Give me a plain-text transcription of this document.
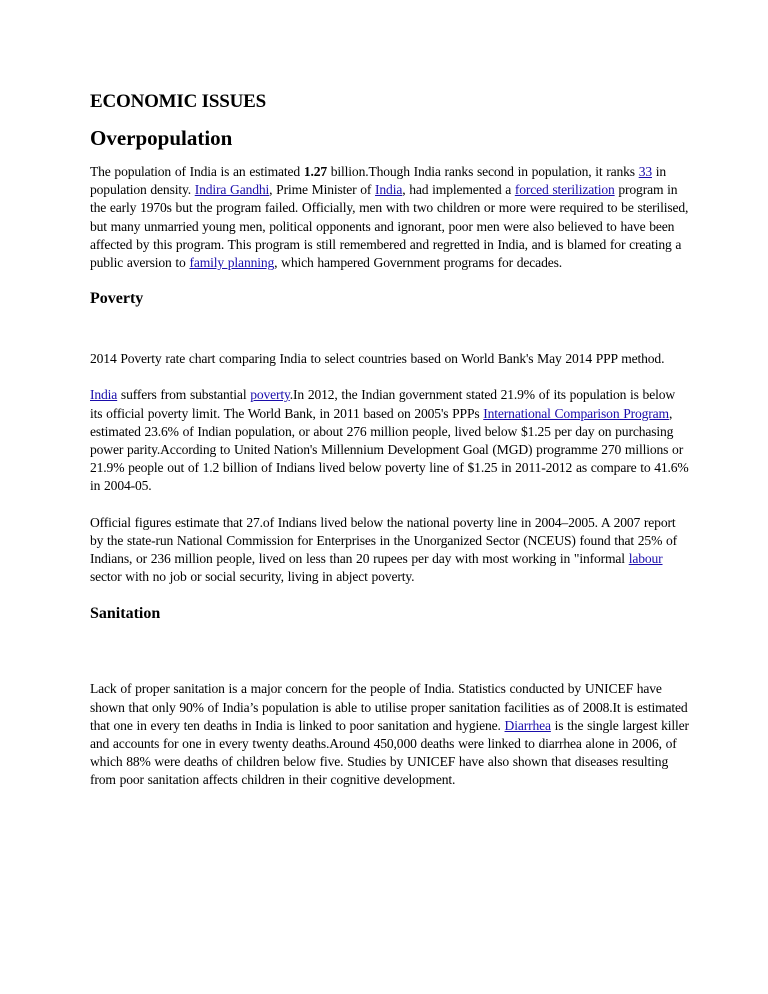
ECONOMIC ISSUES
Overpopulation

The population of India is an estimated 1.27 billion.Though India ranks second in population, it ranks 33 in population density. Indira Gandhi, Prime Minister of India, had implemented a forced sterilization program in the early 1970s but the program failed. Officially, men with two children or more were required to be sterilised, but many unmarried young men, political opponents and ignorant, poor men were also believed to have been affected by this program. This program is still remembered and regretted in India, and is blamed for creating a public aversion to family planning, which hampered Government programs for decades.

Poverty

2014 Poverty rate chart comparing India to select countries based on World Bank's May 2014 PPP method.

India suffers from substantial poverty.In 2012, the Indian government stated 21.9% of its population is below its official poverty limit. The World Bank, in 2011 based on 2005's PPPs International Comparison Program, estimated 23.6% of Indian population, or about 276 million people, lived below $1.25 per day on purchasing power parity.According to United Nation's Millennium Development Goal (MGD) programme 270 millions or 21.9% people out of 1.2 billion of Indians lived below poverty line of $1.25 in 2011-2012 as compare to 41.6% in 2004-05.

Official figures estimate that 27.of Indians lived below the national poverty line in 2004–2005. A 2007 report by the state-run National Commission for Enterprises in the Unorganized Sector (NCEUS) found that 25% of Indians, or 236 million people, lived on less than 20 rupees per day with most working in "informal labour sector with no job or social security, living in abject poverty.

Sanitation

Lack of proper sanitation is a major concern for the people of India. Statistics conducted by UNICEF have shown that only 90% of India’s population is able to utilise proper sanitation facilities as of 2008.It is estimated that one in every ten deaths in India is linked to poor sanitation and hygiene. Diarrhea is the single largest killer and accounts for one in every twenty deaths.Around 450,000 deaths were linked to diarrhea alone in 2006, of which 88% were deaths of children below five. Studies by UNICEF have also shown that diseases resulting from poor sanitation affects children in their cognitive development.
